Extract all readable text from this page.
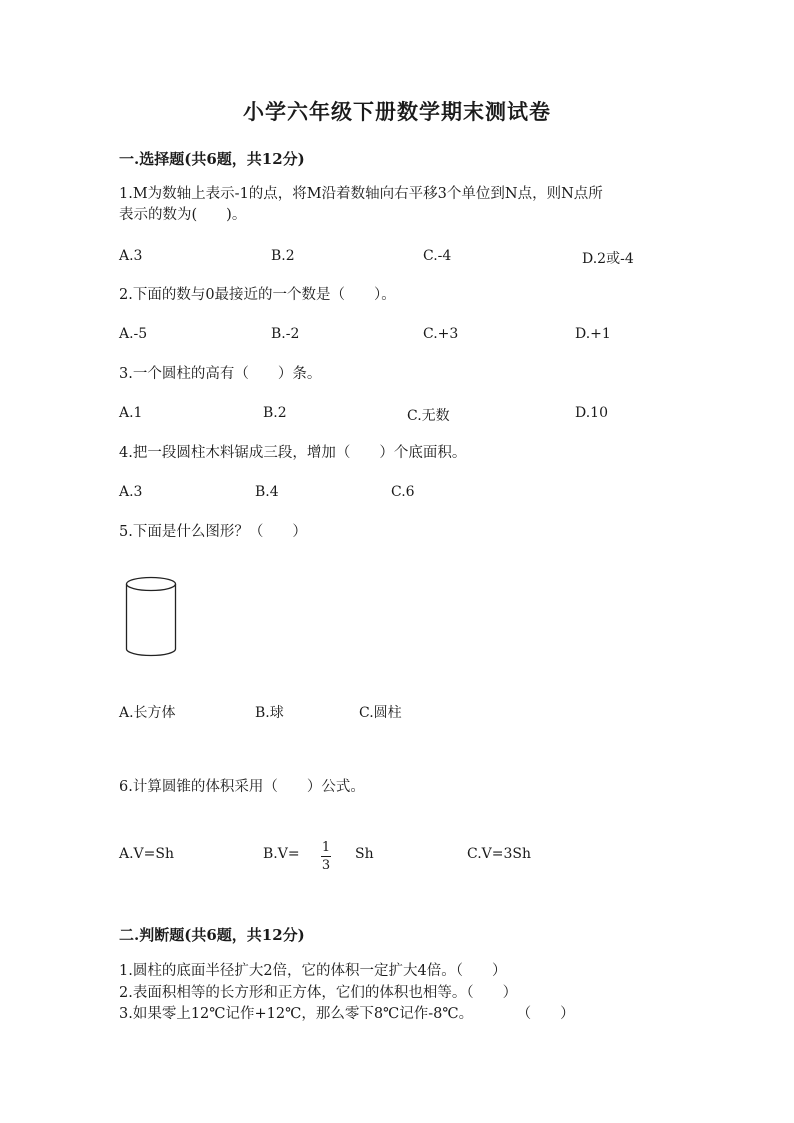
小学六年级下册数学期末测试卷
一.选择题(共6题，共12分)
1.M为数轴上表示-1的点，将M沿着数轴向右平移3个单位到N点，则N点所
表示的数为(　　)。
A.3	B.2	C.-4	D.2或-4
2.下面的数与0最接近的一个数是（　　）。
A.-5	B.-2	C.+3	D.+1
3.一个圆柱的高有（　　）条。
A.1	B.2	C.无数	D.10
4.把一段圆柱木料锯成三段，增加（　　）个底面积。
A.3	B.4	C.6
5.下面是什么图形？（　　）
A.长方体	B.球	C.圆柱
6.计算圆锥的体积采用（　　）公式。
A.V=Sh	B.V= 1
3
Sh	C.V=3Sh
二.判断题(共6题，共12分)
1.圆柱的底面半径扩大2倍，它的体积一定扩大4倍。（　　）
2.表面积相等的长方形和正方体，它们的体积也相等。（　　）
3.如果零上12℃记作+12℃，那么零下8℃记作-8℃。　　　　（　　）
